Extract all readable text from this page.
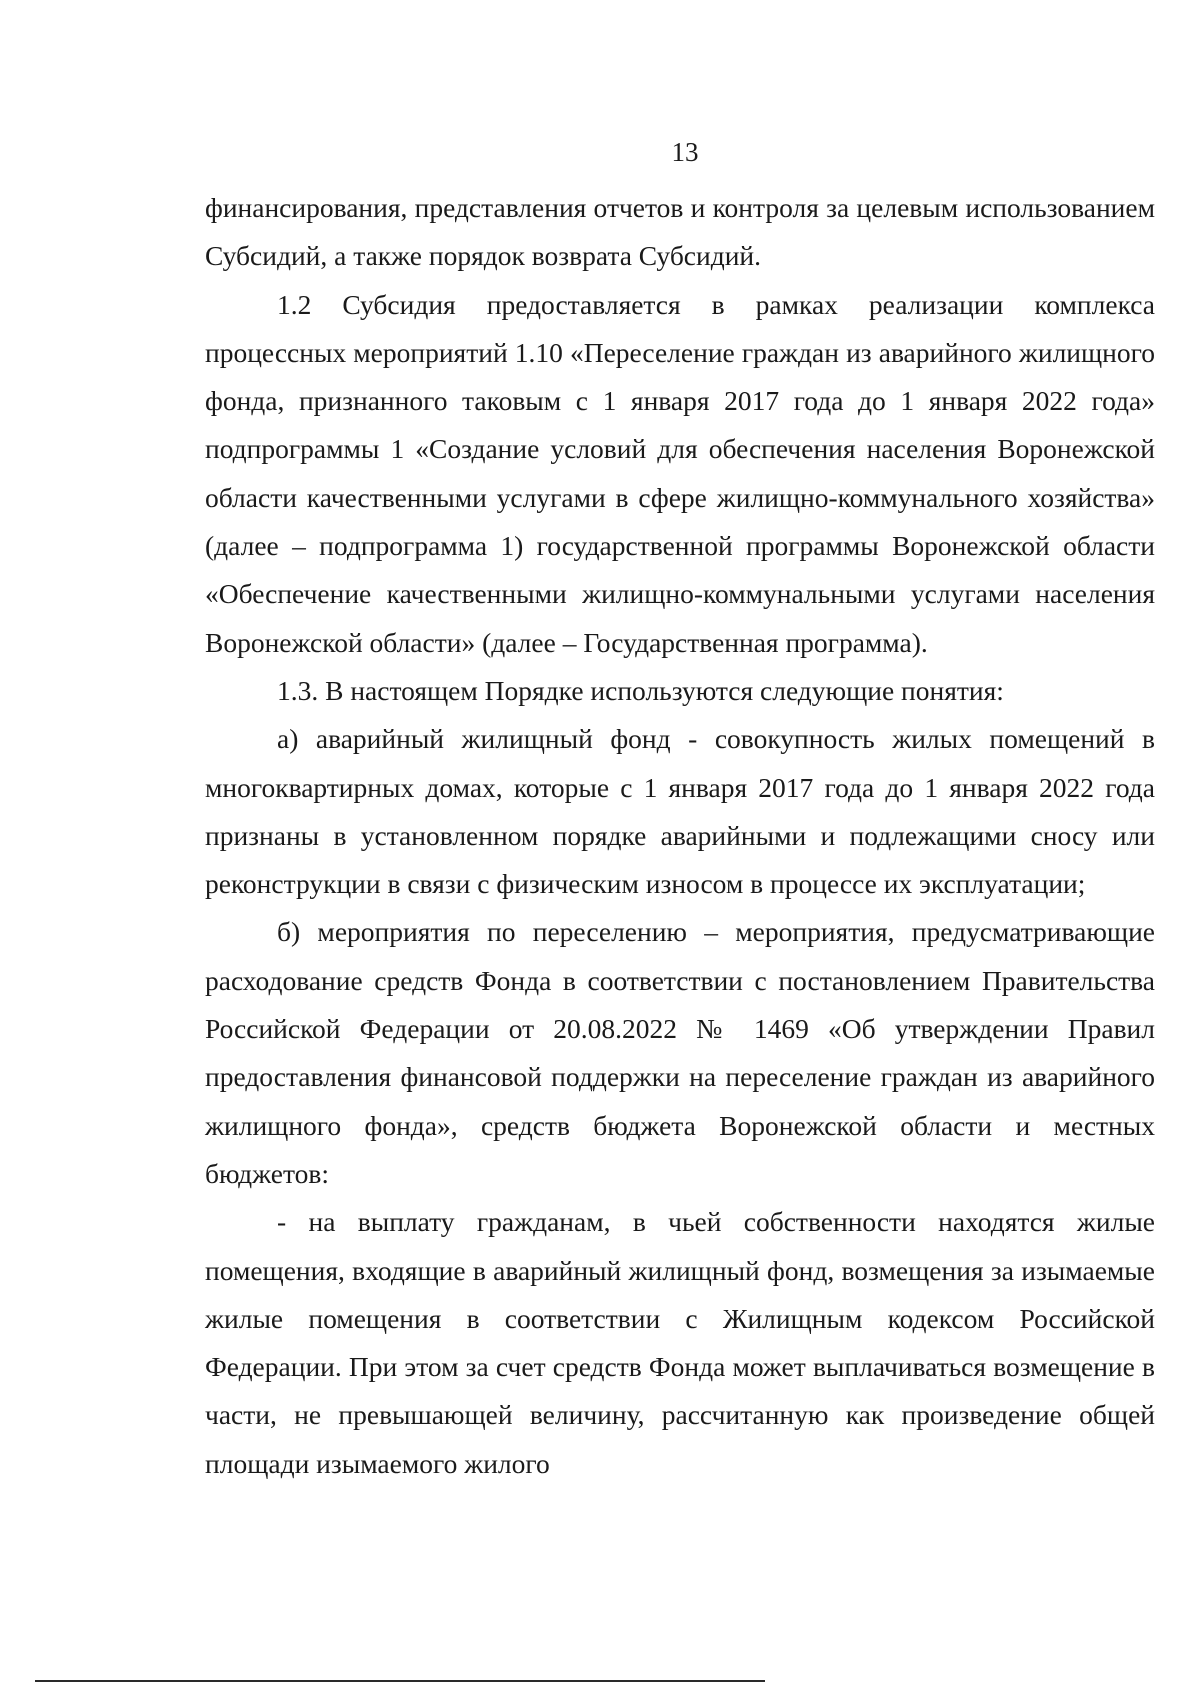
13

финансирования, представления отчетов и контроля за целевым использованием Субсидий, а также порядок возврата Субсидий.

1.2 Субсидия предоставляется в рамках реализации комплекса процессных мероприятий 1.10 «Переселение граждан из аварийного жилищного фонда, признанного таковым с 1 января 2017 года до 1 января 2022 года» подпрограммы 1 «Создание условий для обеспечения населения Воронежской области качественными услугами в сфере жилищно-коммунального хозяйства» (далее – подпрограмма 1) государственной программы Воронежской области «Обеспечение качественными жилищно-коммунальными услугами населения Воронежской области» (далее – Государственная программа).

1.3. В настоящем Порядке используются следующие понятия:

а) аварийный жилищный фонд - совокупность жилых помещений в многоквартирных домах, которые с 1 января 2017 года до 1 января 2022 года признаны в установленном порядке аварийными и подлежащими сносу или реконструкции в связи с физическим износом в процессе их эксплуатации;

б) мероприятия по переселению – мероприятия, предусматривающие расходование средств Фонда в соответствии с постановлением Правительства Российской Федерации от 20.08.2022 № 1469 «Об утверждении Правил предоставления финансовой поддержки на переселение граждан из аварийного жилищного фонда», средств бюджета Воронежской области и местных бюджетов:

- на выплату гражданам, в чьей собственности находятся жилые помещения, входящие в аварийный жилищный фонд, возмещения за изымаемые жилые помещения в соответствии с Жилищным кодексом Российской Федерации. При этом за счет средств Фонда может выплачиваться возмещение в части, не превышающей величину, рассчитанную как произведение общей площади изымаемого жилого
